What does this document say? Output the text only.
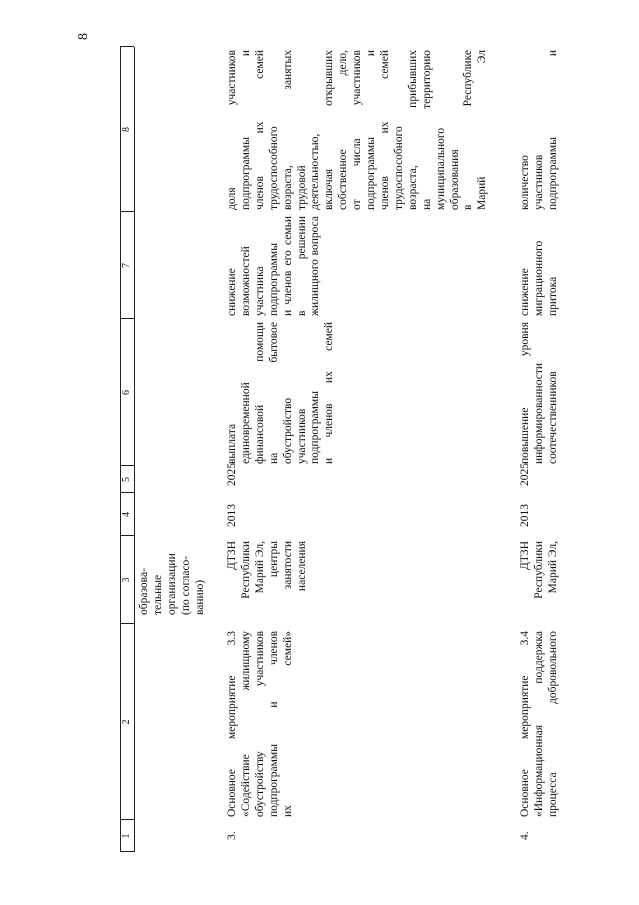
8
1
2
3
4
5
6
7
8
образова-
тельные
организации
(по согласо-
ванию)
3.
Основное   мероприятие   3.3
«Содействие        жилищному
обустройству         участников
подпрограммы     и     членов
их семей»
ДТЗН
Республики
Марий Эл,
центры
занятости
населения
2013
2025
выплата
единовременной
финансовой        помощи
на                         бытовое
обустройство
участников
подпрограммы
и членов их семей
снижение
возможностей
участника
подпрограммы
и членов его семьи
в              решении
жилищного вопроса
доля             участников
подпрограммы          и
членов    их    семей
трудоспособного
возраста,        занятых
трудовой
деятельностью,
включая  открывших
собственное       дело,
от числа участников
подпрограммы        и
членов     их     семей
трудоспособного
возраста, прибывших
на           территорию
муниципального
образования
в              Республике
Марий Эл
4.
Основное   мероприятие   3.4
«Информационная поддержка
процесса        добровольного
ДТЗН
Республики
Марий Эл,
2013
2025
повышение            уровня
информированности
соотечественников
снижение
миграционного
притока
количество
участников
подпрограммы           и
